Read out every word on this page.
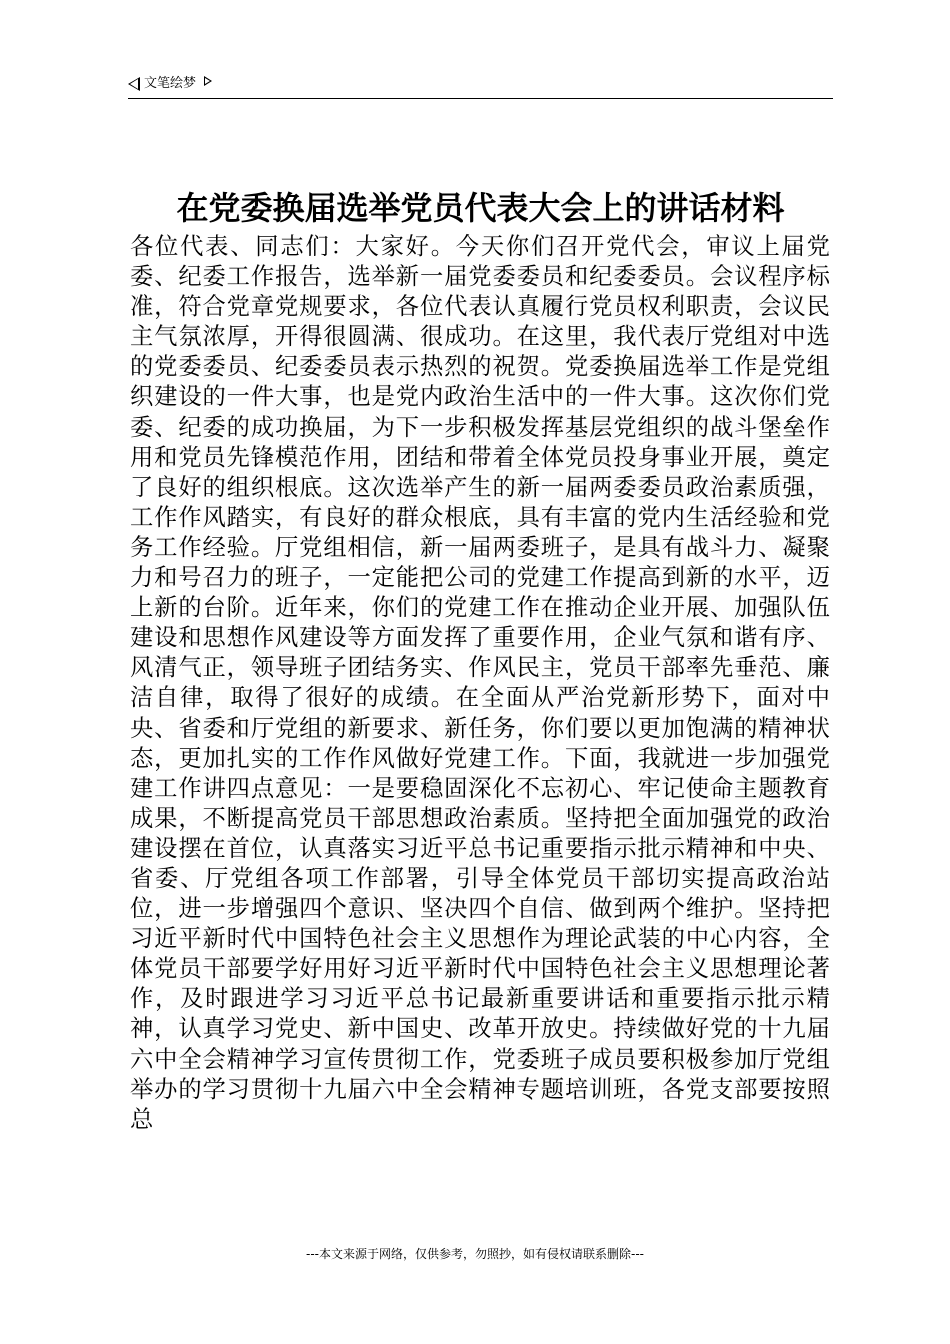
文笔绘梦
在党委换届选举党员代表大会上的讲话材料

各位代表、同志们：大家好。今天你们召开党代会，审议上届党委、纪委工作报告，选举新一届党委委员和纪委委员。会议程序标准，符合党章党规要求，各位代表认真履行党员权利职责，会议民主气氛浓厚，开得很圆满、很成功。在这里，我代表厅党组对中选的党委委员、纪委委员表示热烈的祝贺。党委换届选举工作是党组织建设的一件大事，也是党内政治生活中的一件大事。这次你们党委、纪委的成功换届，为下一步积极发挥基层党组织的战斗堡垒作用和党员先锋模范作用，团结和带着全体党员投身事业开展，奠定了良好的组织根底。这次选举产生的新一届两委委员政治素质强，工作作风踏实，有良好的群众根底，具有丰富的党内生活经验和党务工作经验。厅党组相信，新一届两委班子，是具有战斗力、凝聚力和号召力的班子，一定能把公司的党建工作提高到新的水平，迈上新的台阶。近年来，你们的党建工作在推动企业开展、加强队伍建设和思想作风建设等方面发挥了重要作用，企业气氛和谐有序、风清气正，领导班子团结务实、作风民主，党员干部率先垂范、廉洁自律，取得了很好的成绩。在全面从严治党新形势下，面对中央、省委和厅党组的新要求、新任务，你们要以更加饱满的精神状态，更加扎实的工作作风做好党建工作。下面，我就进一步加强党建工作讲四点意见：一是要稳固深化不忘初心、牢记使命主题教育成果，不断提高党员干部思想政治素质。坚持把全面加强党的政治建设摆在首位，认真落实习近平总书记重要指示批示精神和中央、省委、厅党组各项工作部署，引导全体党员干部切实提高政治站位，进一步增强四个意识、坚决四个自信、做到两个维护。坚持把习近平新时代中国特色社会主义思想作为理论武装的中心内容，全体党员干部要学好用好习近平新时代中国特色社会主义思想理论著作，及时跟进学习习近平总书记最新重要讲话和重要指示批示精神，认真学习党史、新中国史、改革开放史。持续做好党的十九届六中全会精神学习宣传贯彻工作，党委班子成员要积极参加厅党组举办的学习贯彻十九届六中全会精神专题培训班，各党支部要按照总

---本文来源于网络，仅供参考，勿照抄，如有侵权请联系删除---
